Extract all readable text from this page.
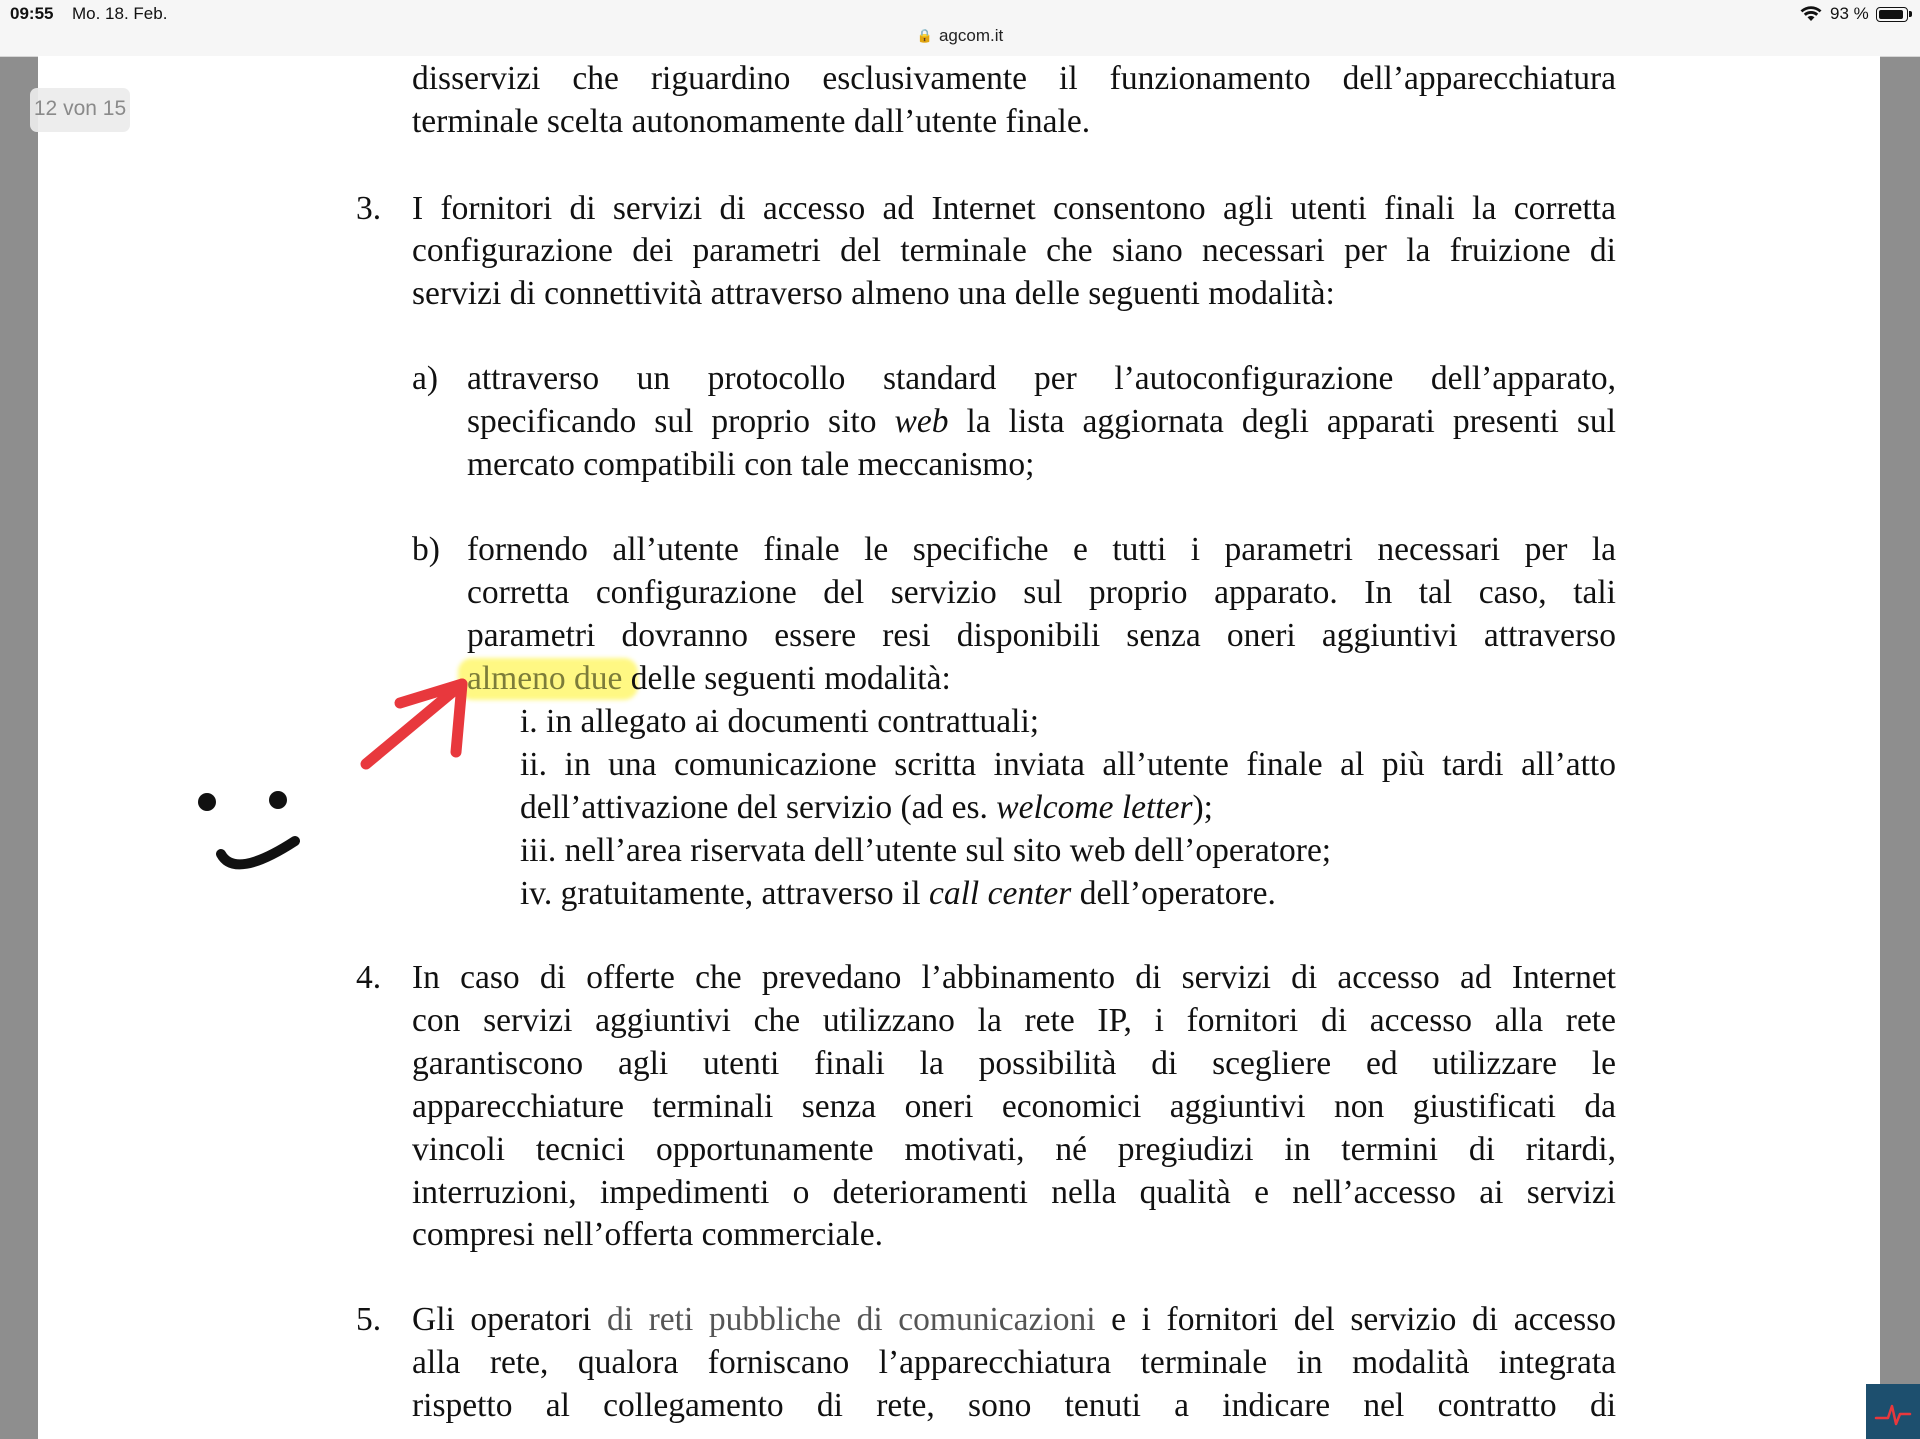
09:55 Mo. 18. Feb.
🔒 agcom.it
93 %
12 von 15
disservizi che riguardino esclusivamente il funzionamento dell’apparecchiatura
terminale scelta autonomamente dall’utente finale.
3. I fornitori di servizi di accesso ad Internet consentono agli utenti finali la corretta
configurazione dei parametri del terminale che siano necessari per la fruizione di
servizi di connettività attraverso almeno una delle seguenti modalità:
a) attraverso un protocollo standard per l’autoconfigurazione dell’apparato,
specificando sul proprio sito web la lista aggiornata degli apparati presenti sul
mercato compatibili con tale meccanismo;
b) fornendo all’utente finale le specifiche e tutti i parametri necessari per la
corretta configurazione del servizio sul proprio apparato. In tal caso, tali
parametri dovranno essere resi disponibili senza oneri aggiuntivi attraverso
almeno due delle seguenti modalità:
i. in allegato ai documenti contrattuali;
ii. in una comunicazione scritta inviata all’utente finale al più tardi all’atto
dell’attivazione del servizio (ad es. welcome letter);
iii. nell’area riservata dell’utente sul sito web dell’operatore;
iv. gratuitamente, attraverso il call center dell’operatore.
4. In caso di offerte che prevedano l’abbinamento di servizi di accesso ad Internet
con servizi aggiuntivi che utilizzano la rete IP, i fornitori di accesso alla rete
garantiscono agli utenti finali la possibilità di scegliere ed utilizzare le
apparecchiature terminali senza oneri economici aggiuntivi non giustificati da
vincoli tecnici opportunamente motivati, né pregiudizi in termini di ritardi,
interruzioni, impedimenti o deterioramenti nella qualità e nell’accesso ai servizi
compresi nell’offerta commerciale.
5. Gli operatori di reti pubbliche di comunicazioni e i fornitori del servizio di accesso
alla rete, qualora forniscano l’apparecchiatura terminale in modalità integrata
rispetto al collegamento di rete, sono tenuti a indicare nel contratto di
